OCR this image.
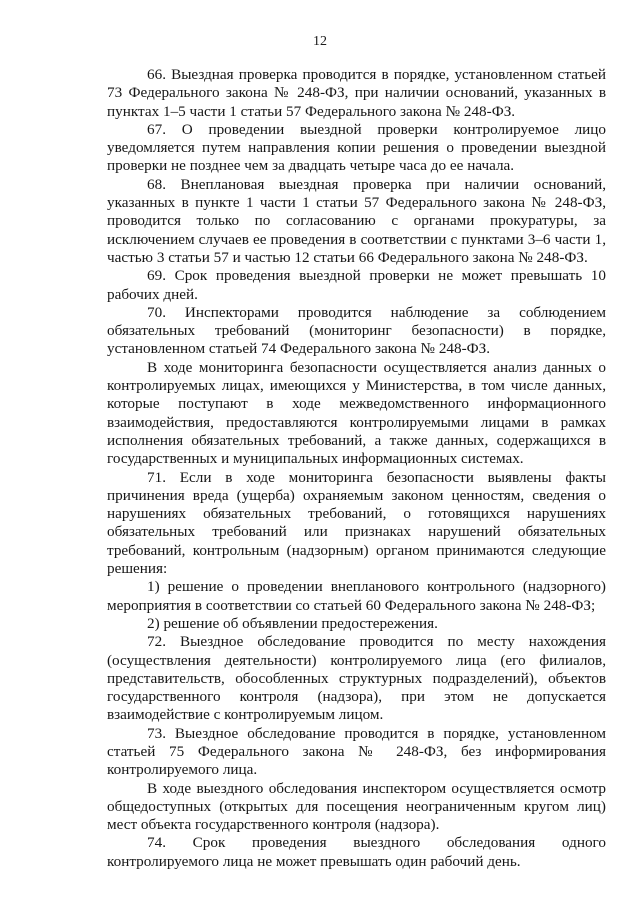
12

66. Выездная проверка проводится в порядке, установленном статьей 73 Федерального закона № 248-ФЗ, при наличии оснований, указанных в пунктах 1–5 части 1 статьи 57 Федерального закона № 248-ФЗ.

67. О проведении выездной проверки контролируемое лицо уведомляется путем направления копии решения о проведении выездной проверки не позднее чем за двадцать четыре часа до ее начала.

68. Внеплановая выездная проверка при наличии оснований, указанных в пункте 1 части 1 статьи 57 Федерального закона № 248-ФЗ, проводится только по согласованию с органами прокуратуры, за исключением случаев ее проведения в соответствии с пунктами 3–6 части 1, частью 3 статьи 57 и частью 12 статьи 66 Федерального закона № 248-ФЗ.

69. Срок проведения выездной проверки не может превышать 10 рабочих дней.

70. Инспекторами проводится наблюдение за соблюдением обязательных требований (мониторинг безопасности) в порядке, установленном статьей 74 Федерального закона № 248-ФЗ.

В ходе мониторинга безопасности осуществляется анализ данных о контролируемых лицах, имеющихся у Министерства, в том числе данных, которые поступают в ходе межведомственного информационного взаимодействия, предоставляются контролируемыми лицами в рамках исполнения обязательных требований, а также данных, содержащихся в государственных и муниципальных информационных системах.

71. Если в ходе мониторинга безопасности выявлены факты причинения вреда (ущерба) охраняемым законом ценностям, сведения о нарушениях обязательных требований, о готовящихся нарушениях обязательных требований или признаках нарушений обязательных требований, контрольным (надзорным) органом принимаются следующие решения:

1) решение о проведении внепланового контрольного (надзорного) мероприятия в соответствии со статьей 60 Федерального закона № 248-ФЗ;

2) решение об объявлении предостережения.

72. Выездное обследование проводится по месту нахождения (осуществления деятельности) контролируемого лица (его филиалов, представительств, обособленных структурных подразделений), объектов государственного контроля (надзора), при этом не допускается взаимодействие с контролируемым лицом.

73. Выездное обследование проводится в порядке, установленном статьей 75 Федерального закона № 248-ФЗ, без информирования контролируемого лица.

В ходе выездного обследования инспектором осуществляется осмотр общедоступных (открытых для посещения неограниченным кругом лиц) мест объекта государственного контроля (надзора).

74. Срок проведения выездного обследования одного контролируемого лица не может превышать один рабочий день.
